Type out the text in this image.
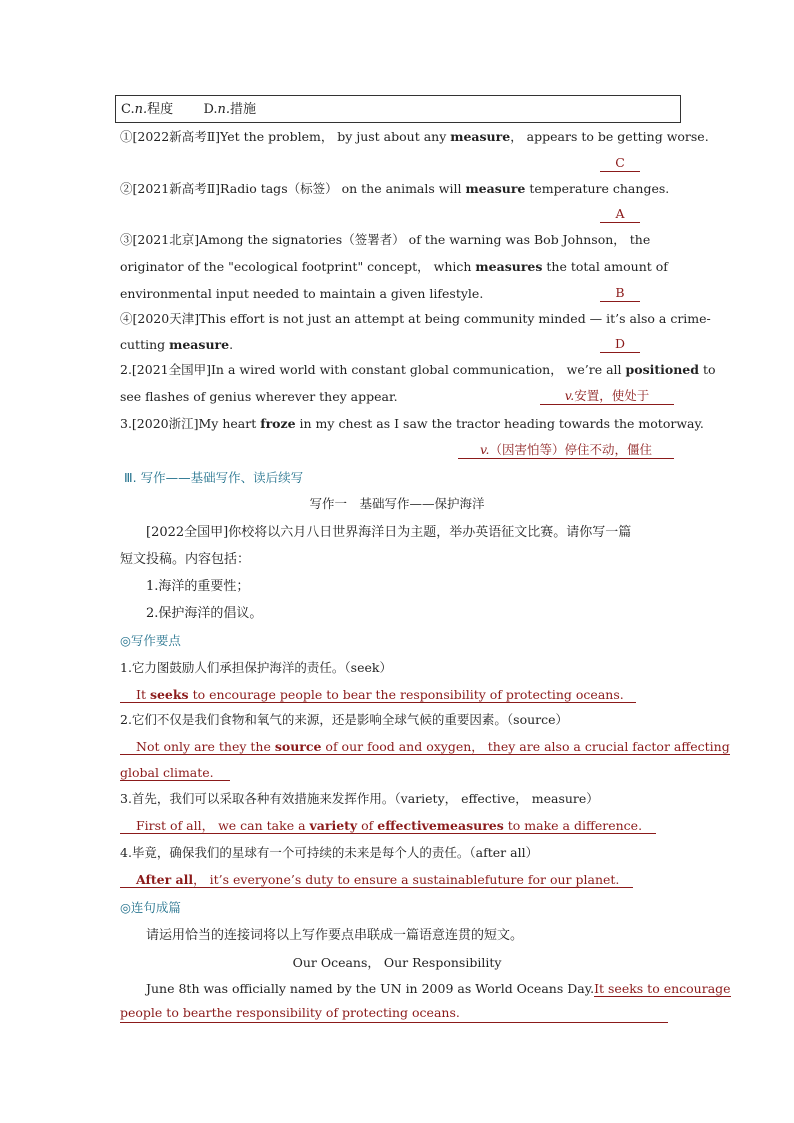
C.n.程度 D.n.措施
①[2022新高考Ⅱ]Yet the problem， by just about any measure， appears to be getting worse.
C
②[2021新高考Ⅱ]Radio tags（标签） on the animals will measure temperature changes.
A
③[2021北京]Among the signatories（签署者） of the warning was Bob Johnson， the
originator of the "ecological footprint" concept， which measures the total amount of
environmental input needed to maintain a given lifestyle.	B
④[2020天津]This effort is not just an attempt at being community minded — it’s also a crime-
cutting measure.	D
2.[2021全国甲]In a wired world with constant global communication， we’re all positioned to
see flashes of genius wherever they appear.	v.安置，使处于
3.[2020浙江]My heart froze in my chest as I saw the tractor heading towards the motorway.
v.（因害怕等）停住不动，僵住
Ⅲ. 写作——基础写作、读后续写
写作一　基础写作——保护海洋
[2022全国甲]你校将以六月八日世界海洋日为主题，举办英语征文比赛。请你写一篇
短文投稿。内容包括：
1.海洋的重要性；
2.保护海洋的倡议。
◎写作要点
1.它力图鼓励人们承担保护海洋的责任。（seek）
It seeks to encourage people to bear the responsibility of protecting oceans.
2.它们不仅是我们食物和氧气的来源，还是影响全球气候的重要因素。（source）
Not only are they the source of our food and oxygen， they are also a crucial factor affecting
global climate.
3.首先，我们可以采取各种有效措施来发挥作用。（variety， effective， measure）
First of all， we can take a variety of effectivemeasures to make a difference.
4.毕竟，确保我们的星球有一个可持续的未来是每个人的责任。（after all）
After all， it’s everyone’s duty to ensure a sustainablefuture for our planet.
◎连句成篇
请运用恰当的连接词将以上写作要点串联成一篇语意连贯的短文。
Our Oceans， Our Responsibility
June 8th was officially named by the UN in 2009 as World Oceans Day.It seeks to encourage
people to bearthe responsibility of protecting oceans.
